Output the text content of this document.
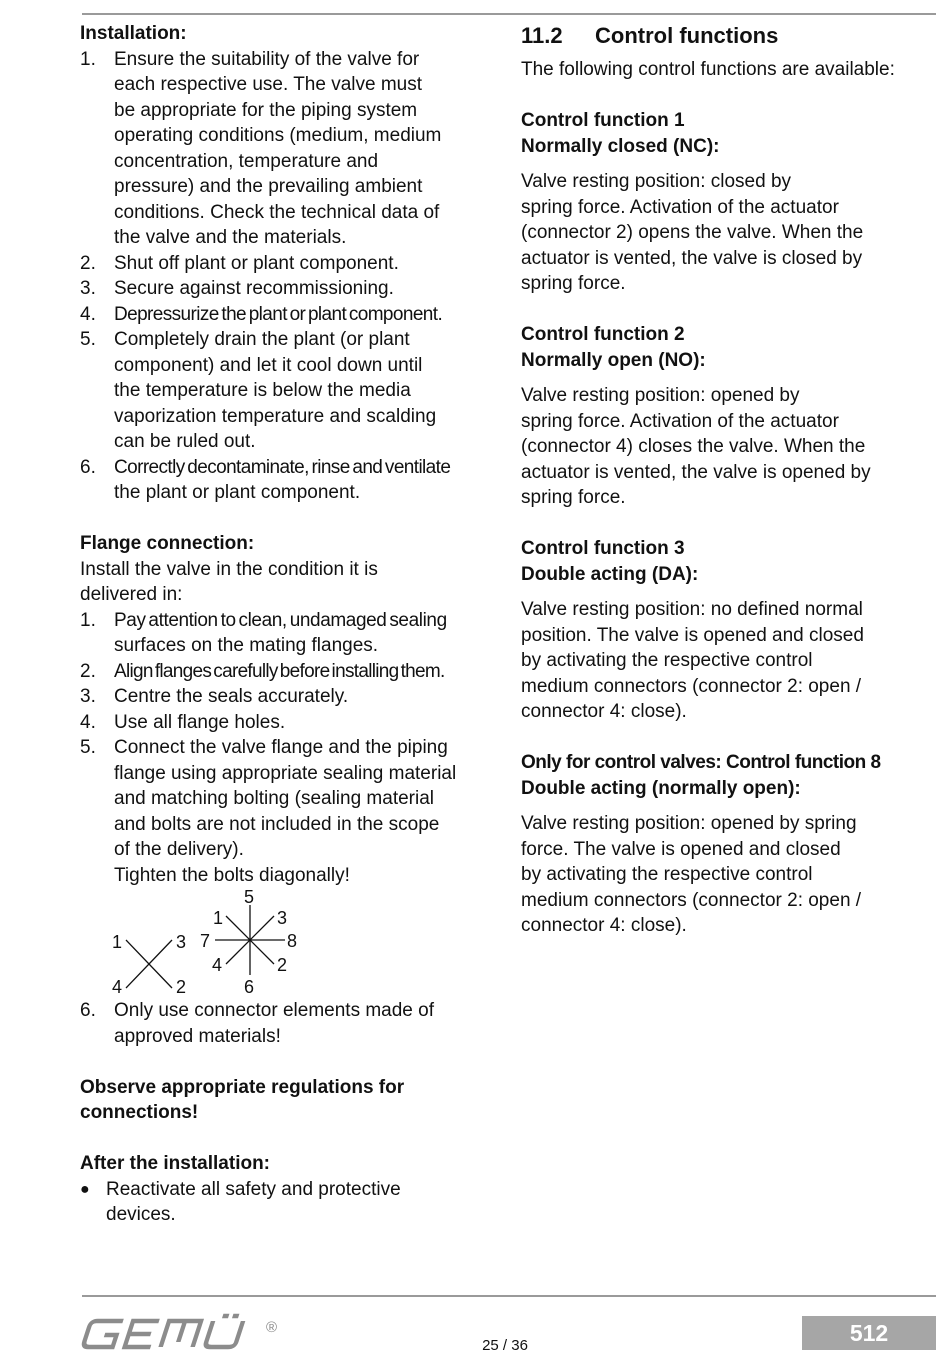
Installation:
1. Ensure the suitability of the valve for
each respective use. The valve must
be appropriate for the piping system
operating conditions (medium, medium
concentration, temperature and
pressure) and the prevailing ambient
conditions. Check the technical data of
the valve and the materials.
2. Shut off plant or plant component.
3. Secure against recommissioning.
4. Depressurize the plant or plant component.
5. Completely drain the plant (or plant
component) and let it cool down until
the temperature is below the media
vaporization temperature and scalding
can be ruled out.
6. Correctly decontaminate, rinse and ventilate
the plant or plant component.
Flange connection:
Install the valve in the condition it is
delivered in:
1. Pay attention to clean, undamaged sealing
surfaces on the mating flanges.
2. Align flanges carefully before installing them.
3. Centre the seals accurately.
4. Use all flange holes.
5. Connect the valve flange and the piping
flange using appropriate sealing material
and matching bolting (sealing material
and bolts are not included in the scope
of the delivery).
Tighten the bolts diagonally!
6. Only use connector elements made of
approved materials!
Observe appropriate regulations for
connections!
After the installation:
● Reactivate all safety and protective
devices.
1	3
4	2
5
1	3
7	8
4	2
6
11.2 Control functions
The following control functions are available:
Control function 1
Normally closed (NC):
Valve resting position: closed by
spring force. Activation of the actuator
(connector 2) opens the valve. When the
actuator is vented, the valve is closed by
spring force.
Control function 2
Normally open (NO):
Valve resting position: opened by
spring force. Activation of the actuator
(connector 4) closes the valve. When the
actuator is vented, the valve is opened by
spring force.
Control function 3
Double acting (DA):
Valve resting position: no defined normal
position. The valve is opened and closed
by activating the respective control
medium connectors (connector 2: open /
connector 4: close).
Only for control valves: Control function 8
Double acting (normally open):
Valve resting position: opened by spring
force. The valve is opened and closed
by activating the respective control
medium connectors (connector 2: open /
connector 4: close).
®
25 / 36	512
